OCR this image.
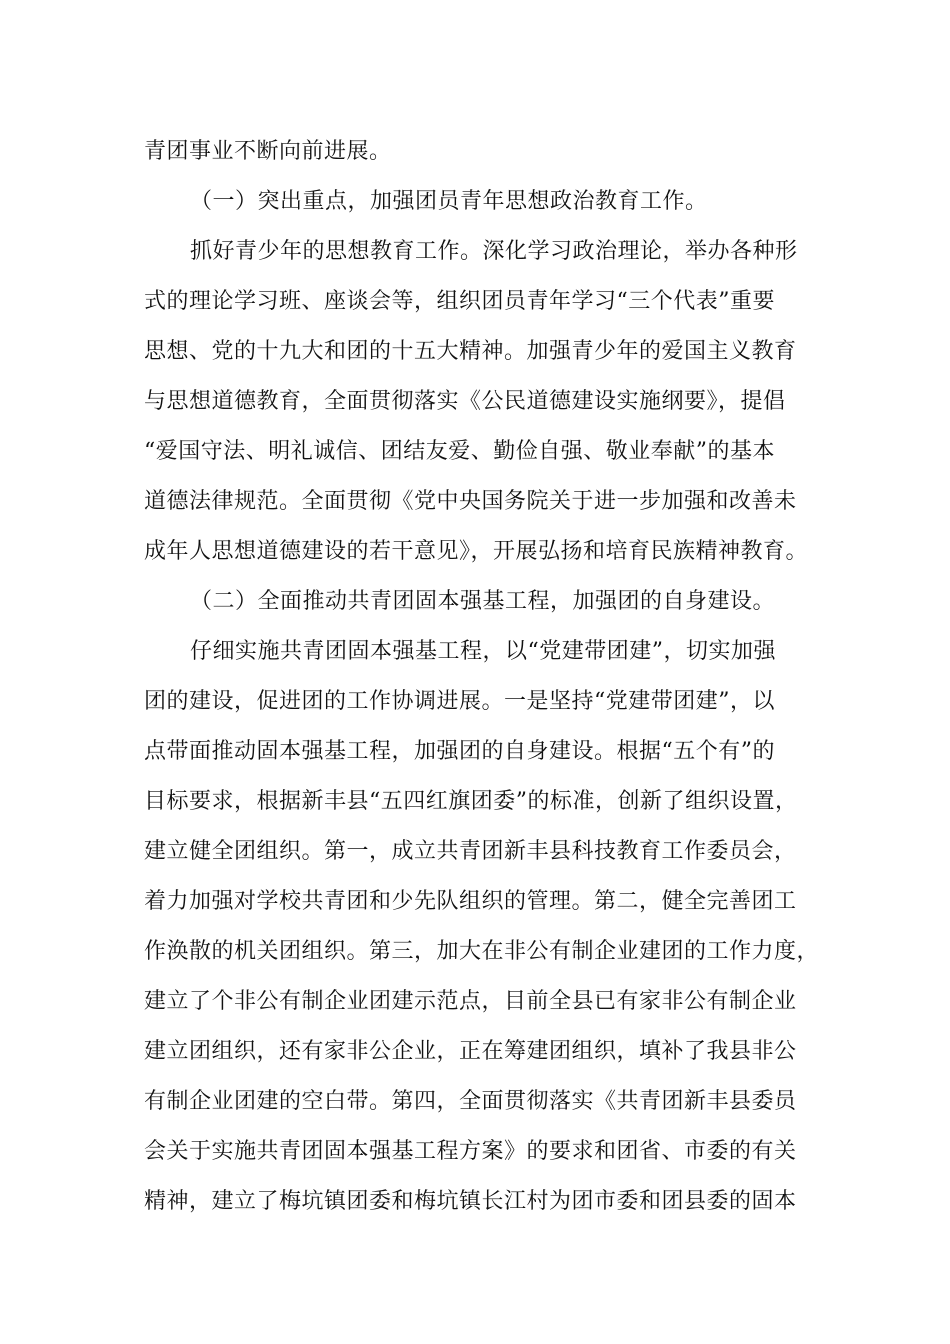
青团事业不断向前进展。
（一）突出重点，加强团员青年思想政治教育工作。
抓好青少年的思想教育工作。深化学习政治理论，举办各种形
式的理论学习班、座谈会等，组织团员青年学习“三个代表”重要
思想、党的十九大和团的十五大精神。加强青少年的爱国主义教育
与思想道德教育，全面贯彻落实《公民道德建设实施纲要》，提倡
“爱国守法、明礼诚信、团结友爱、勤俭自强、敬业奉献”的基本
道德法律规范。全面贯彻《党中央国务院关于进一步加强和改善未
成年人思想道德建设的若干意见》，开展弘扬和培育民族精神教育。
（二）全面推动共青团固本强基工程，加强团的自身建设。
仔细实施共青团固本强基工程，以“党建带团建”，切实加强
团的建设，促进团的工作协调进展。一是坚持“党建带团建”，以
点带面推动固本强基工程，加强团的自身建设。根据“五个有”的
目标要求，根据新丰县“五四红旗团委”的标准，创新了组织设置，
建立健全团组织。第一，成立共青团新丰县科技教育工作委员会，
着力加强对学校共青团和少先队组织的管理。第二，健全完善团工
作涣散的机关团组织。第三，加大在非公有制企业建团的工作力度，
建立了个非公有制企业团建示范点，目前全县已有家非公有制企业
建立团组织，还有家非公企业，正在筹建团组织，填补了我县非公
有制企业团建的空白带。第四，全面贯彻落实《共青团新丰县委员
会关于实施共青团固本强基工程方案》的要求和团省、市委的有关
精神，建立了梅坑镇团委和梅坑镇长江村为团市委和团县委的固本
